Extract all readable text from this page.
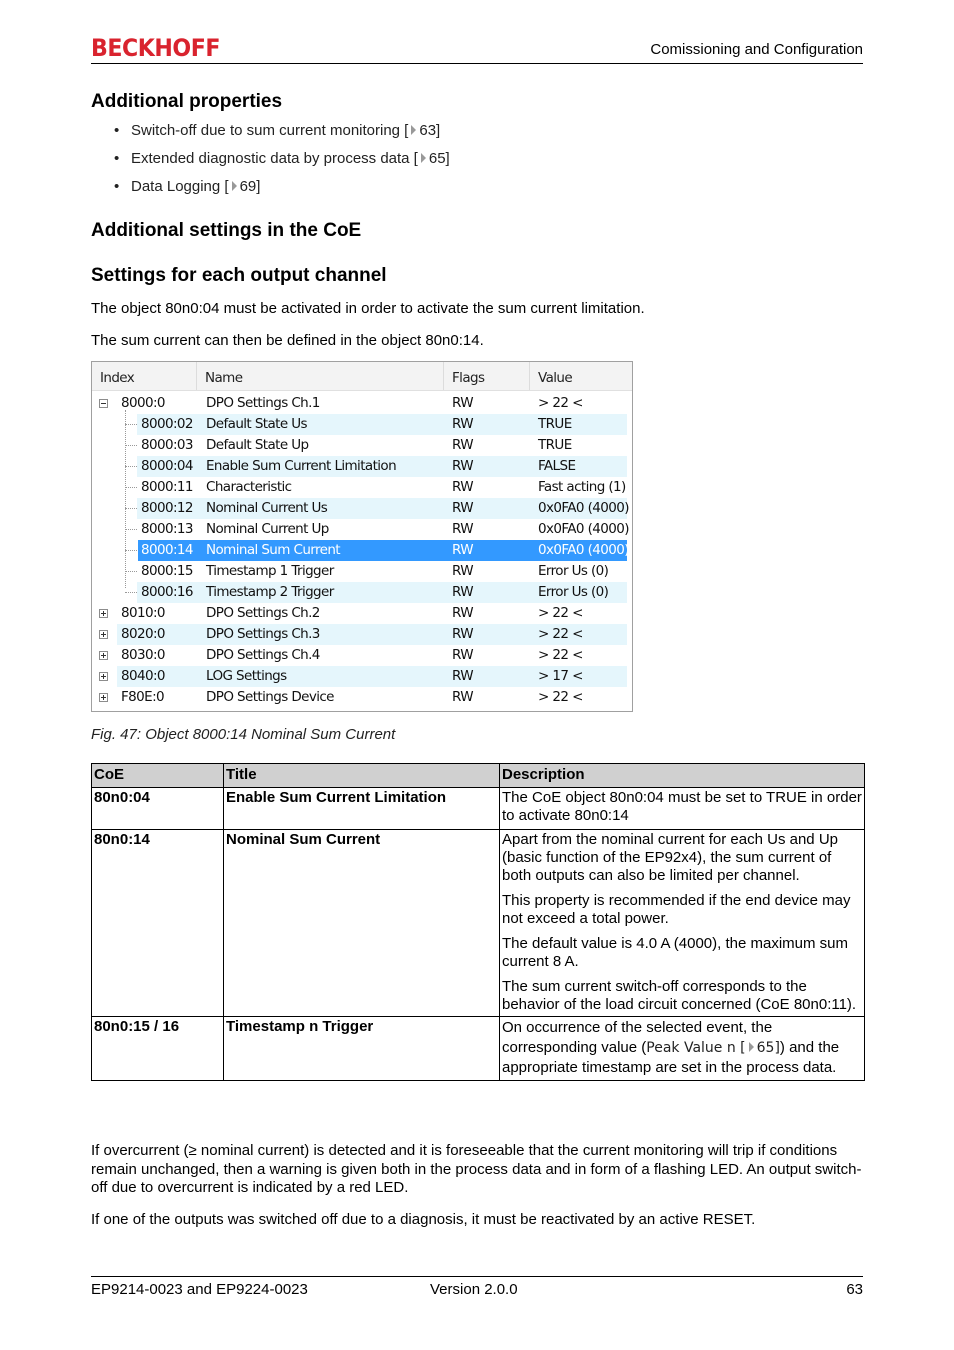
BECKHOFF	Comissioning and Configuration
Additional properties
• Switch-off due to sum current monitoring [ 63]
• Extended diagnostic data by process data [ 65]
• Data Logging [ 69]
Additional settings in the CoE
Settings for each output channel

The object 80n0:04 must be activated in order to activate the sum current limitation.

The sum current can then be defined in the object 80n0:14.

Index	Name	Flags	Value
8000:0	DPO Settings Ch.1	RW	> 22 <
8000:02 Default State Us	RW	TRUE
8000:03 Default State Up	RW	TRUE
8000:04 Enable Sum Current Limitation	RW	FALSE
8000:11 Characteristic	RW	Fast acting (1)
8000:12 Nominal Current Us	RW	0x0FA0 (4000)
8000:13 Nominal Current Up	RW	0x0FA0 (4000)
8000:14 Nominal Sum Current	RW	0x0FA0 (4000)
8000:15 Timestamp 1 Trigger	RW	Error Us (0)
8000:16 Timestamp 2 Trigger	RW	Error Us (0)
8010:0	DPO Settings Ch.2	RW	> 22 <
8020:0	DPO Settings Ch.3	RW	> 22 <
8030:0	DPO Settings Ch.4	RW	> 22 <
8040:0	LOG Settings	RW	> 17 <
F80E:0	DPO Settings Device	RW	> 22 <
Fig. 47: Object 8000:14 Nominal Sum Current
CoE	Title	Description
80n0:04	Enable Sum Current Limitation	The CoE object 80n0:04 must be set to TRUE in order to activate 80n0:14

80n0:14	Nominal Sum Current	Apart from the nominal current for each Us and Up (basic function of the EP92x4), the sum current of both outputs can also be limited per channel.

This property is recommended if the end device may not exceed a total power.

The default value is 4.0 A (4000), the maximum sum current 8 A.

The sum current switch-off corresponds to the behavior of the load circuit concerned (CoE 80n0:11).

80n0:15 / 16	Timestamp n Trigger	On occurrence of the selected event, the corresponding value (Peak Value n [ 65]) and the appropriate timestamp are set in the process data.

If overcurrent (≥ nominal current) is detected and it is foreseeable that the current monitoring will trip if conditions remain unchanged, then a warning is given both in the process data and in form of a flashing LED. An output switch-off due to overcurrent is indicated by a red LED.

If one of the outputs was switched off due to a diagnosis, it must be reactivated by an active RESET.

EP9214-0023 and EP9224-0023	Version 2.0.0	63
